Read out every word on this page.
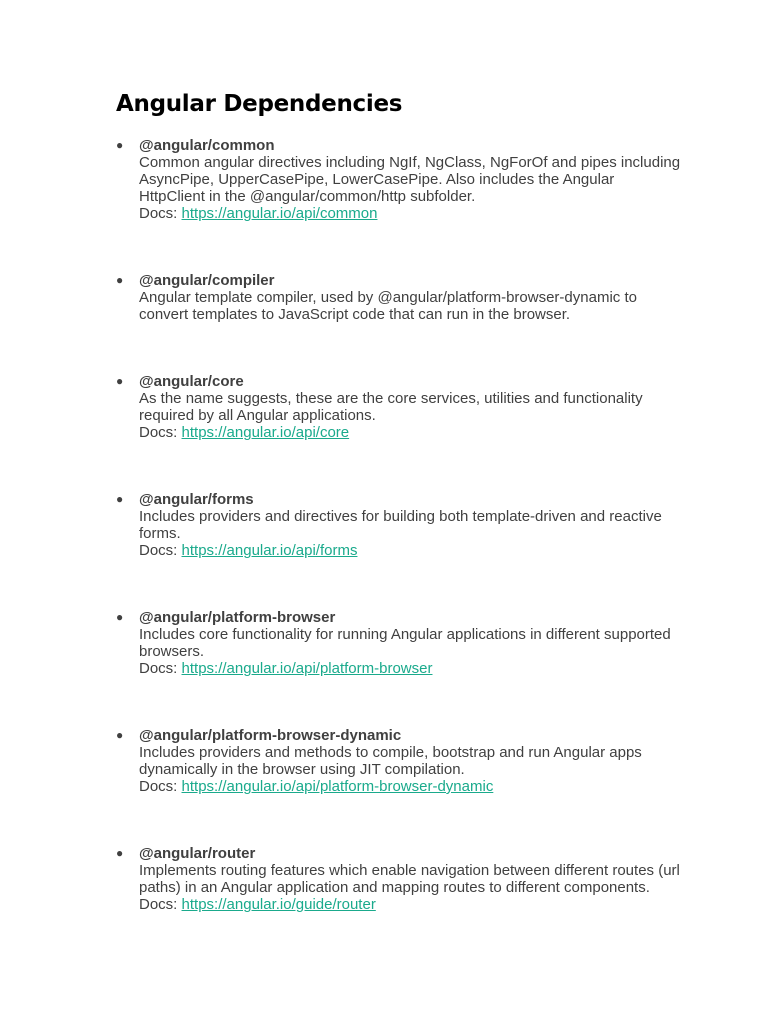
Angular Dependencies
● @angular/common
Common angular directives including NgIf, NgClass, NgForOf and pipes including AsyncPipe, UpperCasePipe, LowerCasePipe. Also includes the Angular HttpClient in the @angular/common/http subfolder.
Docs: https://angular.io/api/common
● @angular/compiler
Angular template compiler, used by @angular/platform-browser-dynamic to convert templates to JavaScript code that can run in the browser.
● @angular/core
As the name suggests, these are the core services, utilities and functionality required by all Angular applications.
Docs: https://angular.io/api/core
● @angular/forms
Includes providers and directives for building both template-driven and reactive forms.
Docs: https://angular.io/api/forms
● @angular/platform-browser
Includes core functionality for running Angular applications in different supported browsers.
Docs: https://angular.io/api/platform-browser
● @angular/platform-browser-dynamic
Includes providers and methods to compile, bootstrap and run Angular apps dynamically in the browser using JIT compilation.
Docs: https://angular.io/api/platform-browser-dynamic
● @angular/router
Implements routing features which enable navigation between different routes (url paths) in an Angular application and mapping routes to different components.
Docs: https://angular.io/guide/router
